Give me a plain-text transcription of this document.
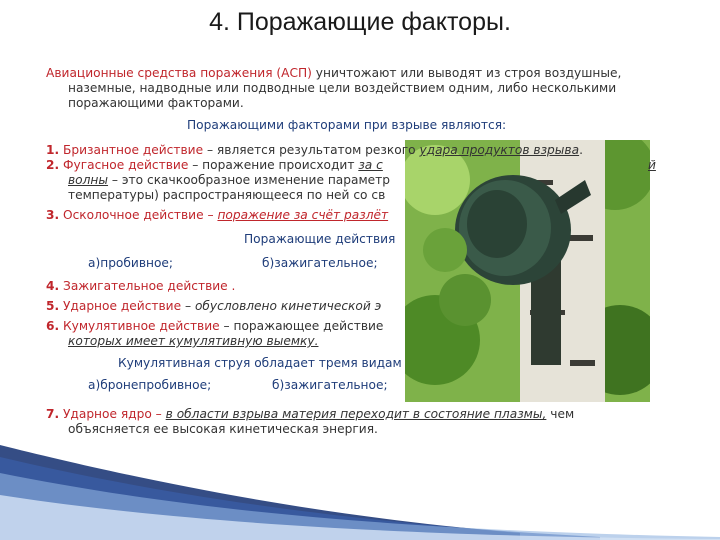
4. Поражающие факторы.
Авиационные средства поражения (АСП) уничтожают или выводят из строя воздушные,
наземные, надводные или подводные цели воздействием одним, либо несколькими
поражающими факторами.
Поражающими факторами при взрыве являются:
1. Бризантное действие – является результатом резкого удара продуктов взрыва.
2. Фугасное действие – поражение происходит за с	й
волны – это скачкообразное изменение параметр
температуры) распространяющееся по ней со св
3. Осколочное действие – поражение за счёт разлёт
Поражающие действия
а)пробивное;	б)зажигательное;
4. Зажигательное действие .
5. Ударное действие – обусловлено кинетической э
6. Кумулятивное действие – поражающее действие
которых имеет кумулятивную выемку.
Кумулятивная струя обладает тремя видам
а)бронепробивное;	б)зажигательное;
7. Ударное ядро – в области взрыва материя переходит в состояние плазмы, чем
объясняется ее высокая кинетическая энергия.
